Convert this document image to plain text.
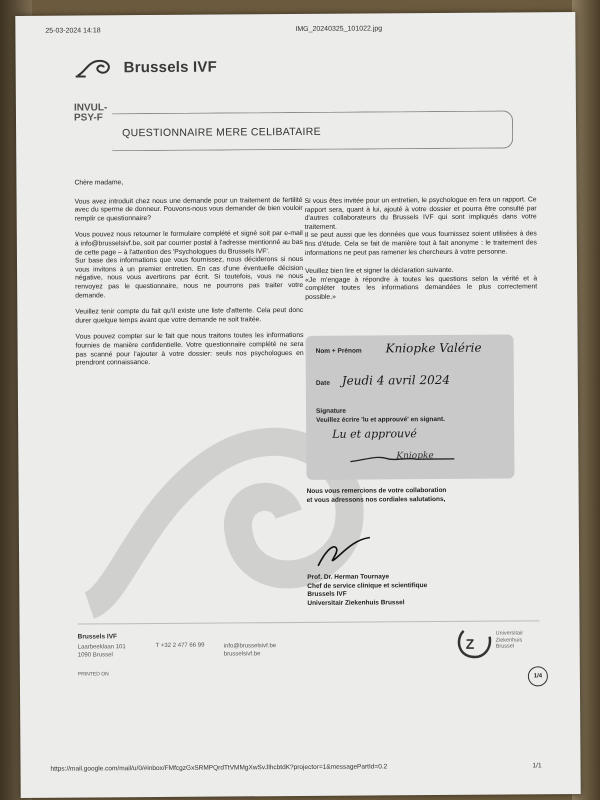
25-03-2024 14:18	IMG_20240325_101022.jpg
Brussels IVF
INVUL-
PSY-F
QUESTIONNAIRE MERE CELIBATAIRE

Chère madame,

Vous avez introduit chez nous une demande pour un traitement de fertilité avec du sperme de donneur. Pouvons-nous vous demander de bien vouloir remplir ce questionnaire?

Vous pouvez nous retourner le formulaire complété et signé soit par e-mail à info@brusselsivf.be, soit par courrier postal à l'adresse mentionné au bas de cette page – à l'attention des 'Psychologues du Brussels IVF'.

Sur base des informations que vous fournissez, nous déciderons si nous vous invitons à un premier entretien. En cas d'une éventuelle décision négative, nous vous avertirons par écrit. Si toutefois, vous ne nous renvoyez pas le questionnaire, nous ne pourrons pas traiter votre demande.

Veuillez tenir compte du fait qu'il existe une liste d'attente. Cela peut donc durer quelque temps avant que votre demande ne soit traitée.

Vous pouvez compter sur le fait que nous traitons toutes les informations fournies de manière confidentielle. Votre questionnaire complété ne sera pas scanné pour l'ajouter à votre dossier: seuls nos psychologues en prendront connaissance.

Si vous êtes invitée pour un entretien, le psychologue en fera un rapport. Ce rapport sera, quant à lui, ajouté à votre dossier et pourra être consulté par d'autres collaborateurs du Brussels IVF qui sont impliqués dans votre traitement.

Il se peut aussi que les données que vous fournissez soient utilisées à des fins d'étude. Cela se fait de manière tout à fait anonyme : le traitement des informations ne peut pas ramener les chercheurs à votre personne.

Veuillez bien lire et signer la déclaration suivante.

«Je m'engage à répondre à toutes les questions selon la vérité et à compléter toutes les informations demandées le plus correctement possible.»

Nom + Prénom Kniopke Valérie
Date Jeudi 4 avril 2024
Signature
Veuillez écrire 'lu et approuvé' en signant.
Lu et approuvé
Kniopke
Nous vous remercions de votre collaboration
et vous adressons nos cordiales salutations,
Prof. Dr. Herman Tournaye
Chef de service clinique et scientifique
Brussels IVF
Universitair Ziekenhuis Brussel
Brussels IVF
Laarbeeklaan 101
1090 Brussel
T +32 2 477 66 99	info@brusselsivf.be
brusselsivf.be
PRINTED ON
Z
Universitair
Ziekenhuis
Brussel
1/4
https://mail.google.com/mail/u/0/#inbox/FMfcgzGxSRMPQrdTtVMMgXwSvJlhcbtdK?projector=1&messagePartId=0.2	1/1
